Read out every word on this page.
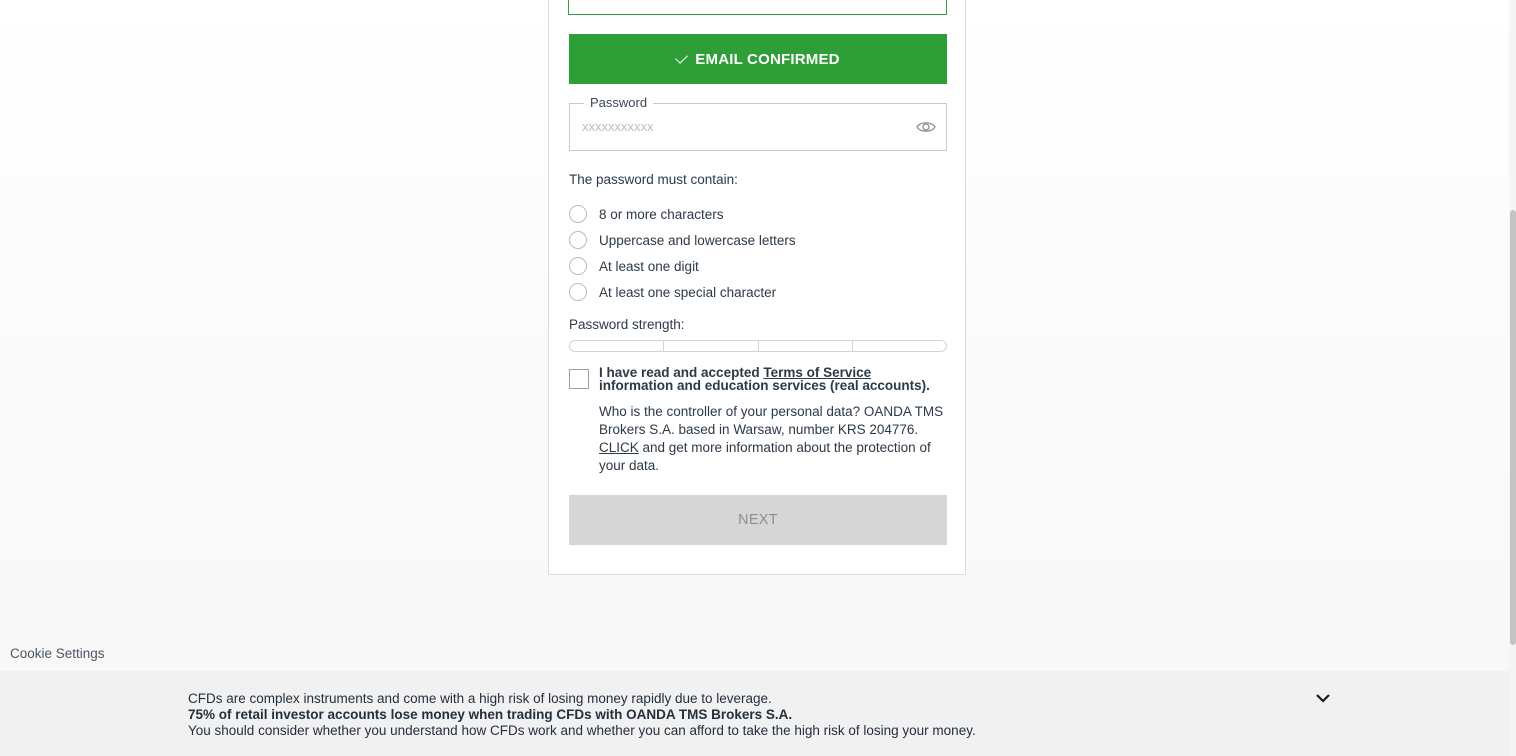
EMAIL CONFIRMED
Password
The password must contain:
8 or more characters
Uppercase and lowercase letters
At least one digit
At least one special character
Password strength:
I have read and accepted Terms of Service information and education services (real accounts).
Who is the controller of your personal data? OANDA TMS Brokers S.A. based in Warsaw, number KRS 204776.
CLICK and get more information about the protection of your data.
NEXT
Cookie Settings
CFDs are complex instruments and come with a high risk of losing money rapidly due to leverage.
75% of retail investor accounts lose money when trading CFDs with OANDA TMS Brokers S.A.
You should consider whether you understand how CFDs work and whether you can afford to take the high risk of losing your money.
